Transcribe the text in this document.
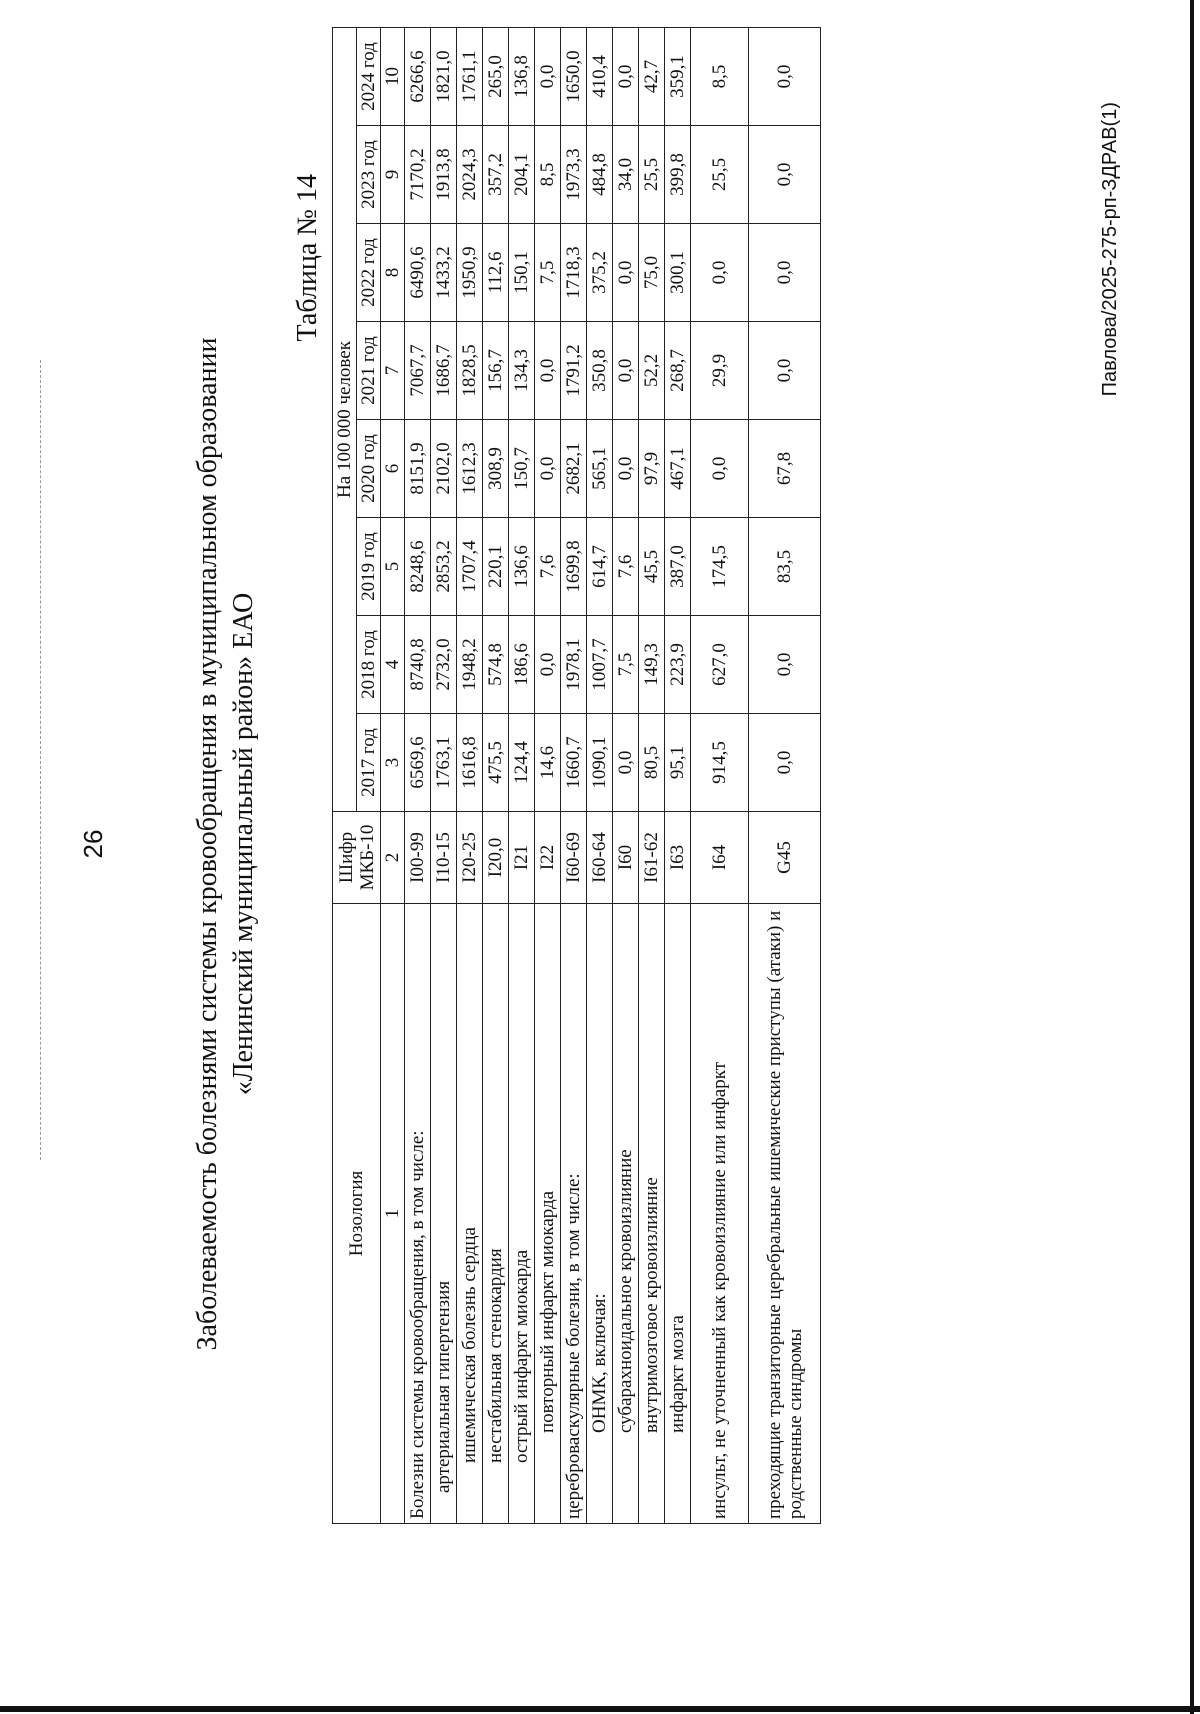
26	Заболеваемость болезнями системы кровообращения в муниципальном образовании «Ленинский муниципальный район» ЕАО
Таблица № 14
Нозология	Шифр МКБ-10	На 100 000 человек							
		2017 год	2018 год	2019 год	2020 год	2021 год	2022 год	2023 год	2024 год
1	2	3	4	5	6	7	8	9	10
Болезни системы кровообращения, в том числе:	I00-99	6569,6	8740,8	8248,6	8151,9	7067,7	6490,6	7170,2	6266,6
артериальная гипертензия	I10-15	1763,1	2732,0	2853,2	2102,0	1686,7	1433,2	1913,8	1821,0
ишемическая болезнь сердца	I20-25	1616,8	1948,2	1707,4	1612,3	1828,5	1950,9	2024,3	1761,1
нестабильная стенокардия	I20,0	475,5	574,8	220,1	308,9	156,7	112,6	357,2	265,0
острый инфаркт миокарда	I21	124,4	186,6	136,6	150,7	134,3	150,1	204,1	136,8
повторный инфаркт миокарда	I22	14,6	0,0	7,6	0,0	0,0	7,5	8,5	0,0
цереброваскулярные болезни, в том числе:	I60-69	1660,7	1978,1	1699,8	2682,1	1791,2	1718,3	1973,3	1650,0
ОНМК, включая:	I60-64	1090,1	1007,7	614,7	565,1	350,8	375,2	484,8	410,4
субарахноидальное кровоизлияние	I60	0,0	7,5	7,6	0,0	0,0	0,0	34,0	0,0
внутримозговое кровоизлияние	I61-62	80,5	149,3	45,5	97,9	52,2	75,0	25,5	42,7
инфаркт мозга	I63	95,1	223,9	387,0	467,1	268,7	300,1	399,8	359,1
инсульт, не уточненный как кровоизлияние или инфаркт	I64	914,5	627,0	174,5	0,0	29,9	0,0	25,5	8,5
преходящие транзиторные церебральные ишемические приступы (атаки) и родственные синдромы	G45	0,0	0,0	83,5	67,8	0,0	0,0	0,0	0,0
Павлова/2025-275-рп-ЗДРАВ(1)
